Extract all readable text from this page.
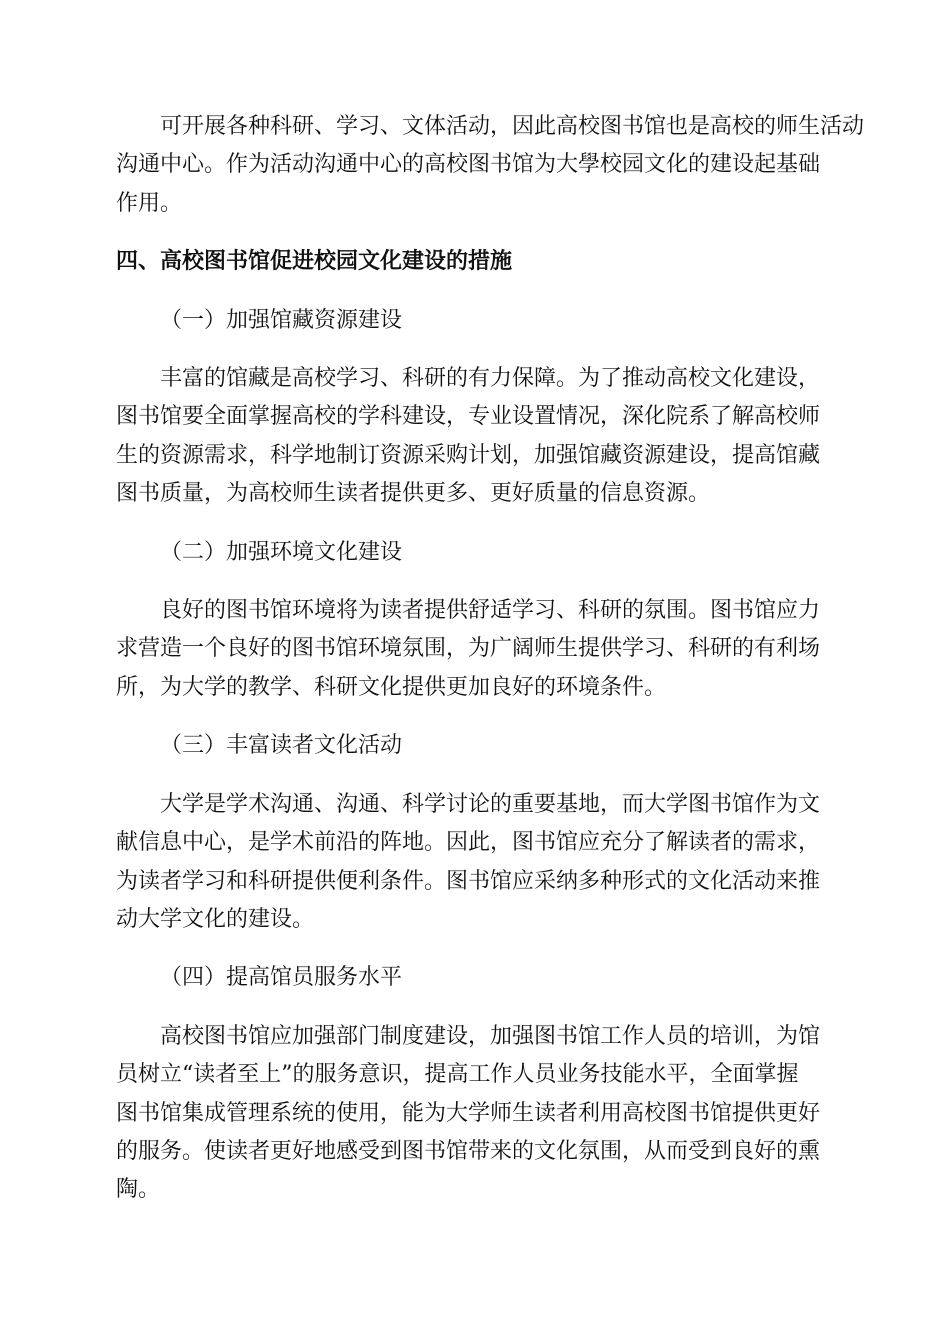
可开展各种科研、学习、文体活动，因此高校图书馆也是高校的师生活动
沟通中心。作为活动沟通中心的高校图书馆为大學校园文化的建设起基础
作用。

四、高校图书馆促进校园文化建设的措施

（一）加强馆藏资源建设

丰富的馆藏是高校学习、科研的有力保障。为了推动高校文化建设，
图书馆要全面掌握高校的学科建设，专业设置情况，深化院系了解高校师
生的资源需求，科学地制订资源采购计划，加强馆藏资源建设，提高馆藏
图书质量，为高校师生读者提供更多、更好质量的信息资源。

（二）加强环境文化建设

良好的图书馆环境将为读者提供舒适学习、科研的氛围。图书馆应力
求营造一个良好的图书馆环境氛围，为广阔师生提供学习、科研的有利场
所，为大学的教学、科研文化提供更加良好的环境条件。

（三）丰富读者文化活动

大学是学术沟通、沟通、科学讨论的重要基地，而大学图书馆作为文
献信息中心，是学术前沿的阵地。因此，图书馆应充分了解读者的需求，
为读者学习和科研提供便利条件。图书馆应采纳多种形式的文化活动来推
动大学文化的建设。

（四）提高馆员服务水平

高校图书馆应加强部门制度建设，加强图书馆工作人员的培训，为馆
员树立“读者至上”的服务意识，提高工作人员业务技能水平，全面掌握
图书馆集成管理系统的使用，能为大学师生读者利用高校图书馆提供更好
的服务。使读者更好地感受到图书馆带来的文化氛围，从而受到良好的熏
陶。
